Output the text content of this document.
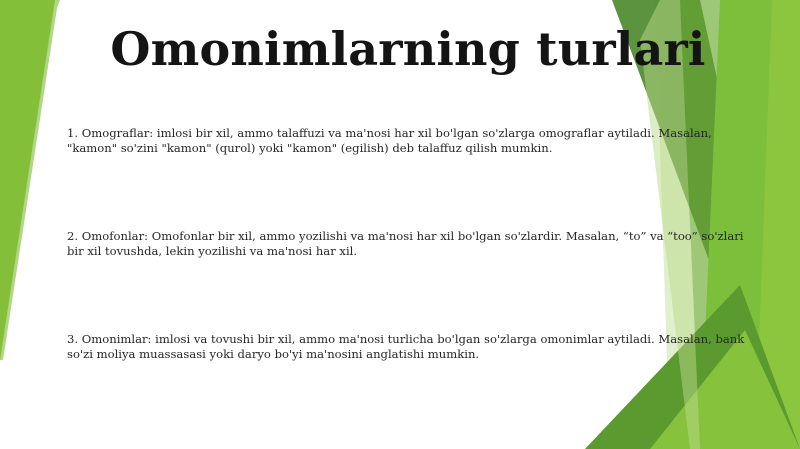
Omonimlarning turlari

1. Omograflar: imlosi bir xil, ammo talaffuzi va ma'nosi har xil bo'lgan so'zlarga omograflar aytiladi. Masalan, "kamon" so'zini "kamon" (qurol) yoki "kamon" (egilish) deb talaffuz qilish mumkin.

2. Omofonlar: Omofonlar bir xil, ammo yozilishi va ma'nosi har xil bo'lgan so'zlardir. Masalan, “to” va “too” so'zlari bir xil tovushda, lekin yozilishi va ma'nosi har xil.

3. Omonimlar: imlosi va tovushi bir xil, ammo ma'nosi turlicha bo'lgan so'zlarga omonimlar aytiladi. Masalan, bank so'zi moliya muassasasi yoki daryo bo'yi ma'nosini anglatishi mumkin.
